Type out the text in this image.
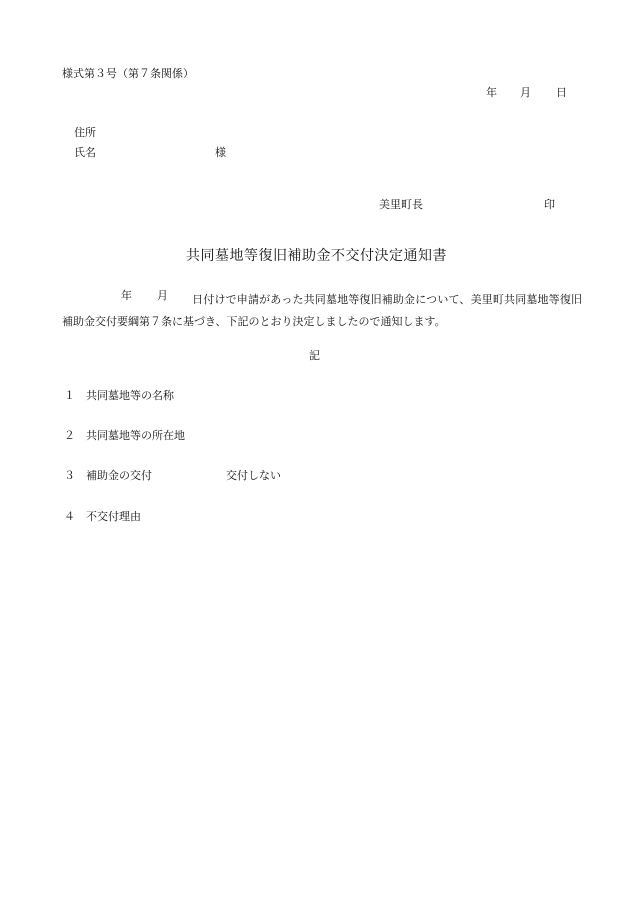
様式第３号（第７条関係）
年 月 日
住所
氏名	様
美里町長	印
共同墓地等復旧補助金不交付決定通知書
年 月	日付けで申請があった共同墓地等復旧補助金について、美里町共同墓地等復旧補助金交付要綱第７条に基づき、下記のとおり決定しましたので通知します。
記
１ 共同墓地等の名称
２ 共同墓地等の所在地
３ 補助金の交付	交付しない
４ 不交付理由
